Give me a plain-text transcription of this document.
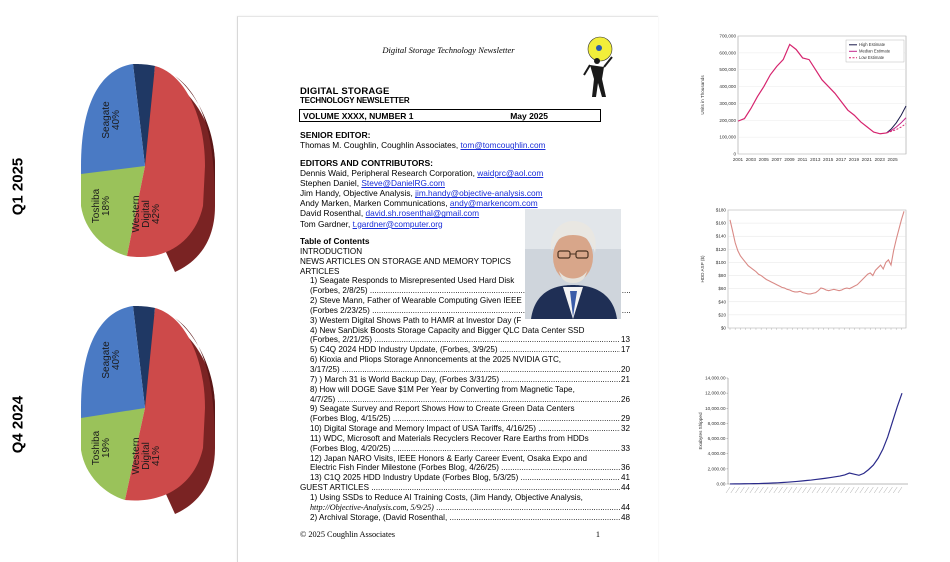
Q1 2025
Q4 2024
Seagate 40%
Toshiba 18% Western Digital 42%
Seagate 40%
Toshiba 19% Western Digital 41%
Digital Storage Technology Newsletter
DIGITAL STORAGE
TECHNOLOGY NEWSLETTER
VOLUME XXXX, NUMBER 1	May 2025
SENIOR EDITOR:
Thomas M. Coughlin, Coughlin Associates, tom@tomcoughlin.com
EDITORS AND CONTRIBUTORS:
Dennis Waid, Peripheral Research Corporation, waidprc@aol.com
Stephen Daniel, Steve@DanielRG.com
Jim Handy, Objective Analysis, jim.handy@objective-analysis.com
Andy Marken, Marken Communications, andy@markencom.com
David Rosenthal, david.sh.rosenthal@gmail.com
Tom Gardner, t.gardner@computer.org
Table of Contents
INTRODUCTION
NEWS ARTICLES ON STORAGE AND MEMORY TOPICS
ARTICLES
1) Seagate Responds to Misrepresented Used Hard Disk
(Forbes, 2/8/25) .....
2) Steve Mann, Father of Wearable Computing Given IEEE
(Forbes 2/23/25) .....
3) Western Digital Shows Path to HAMR at Investor Day (F
4) New SanDisk Boosts Storage Capacity and Bigger QLC Data Center SSD
(Forbes, 2/21/25) .....	13
5) C4Q 2024 HDD Industry Update, (Forbes, 3/9/25) .....	17
6) Kioxia and Pliops Storage Annoncements at the 2025 NVIDIA GTC,
3/17/25) .....	20
7) ) March 31 is World Backup Day, (Forbes 3/31/25) .....	21
8) How will DOGE Save $1M Per Year by Converting from Magnetic Tape,
4/7/25) .....	26
9) Seagate Survey and Report Shows How to Create Green Data Centers
(Forbes Blog, 4/15/25) .....	29
10) Digital Storage and Memory Impact of USA Tariffs, 4/16/25) .....	32
11) WDC, Microsoft and Materials Recyclers Recover Rare Earths from HDDs
(Forbes Blog, 4/20/25) .....	33
12) Japan NARO Visits, IEEE Honors & Early Career Event, Osaka Expo and
Electric Fish Finder Milestone (Forbes Blog, 4/26/25) .....	36
13) C1Q 2025 HDD Industry Update (Forbes Blog, 5/3/25) .....	41
GUEST ARTICLES .....	44
1) Using SSDs to Reduce AI Training Costs, (Jim Handy, Objective Analysis,
http://Objective-Analysis.com, 5/9/25) .....	44
2) Archival Storage, (David Rosenthal, .....	48
© 2025 Coughlin Associates	1
0
100,000
200,000
300,000
400,000
500,000
600,000
700,000
2001 2003 2005 2007 2009 2011 2013 2015 2017 2019 2021 2023 2025
Units in Thousands
High Estimate
Median Estimate
Low Estimate
$0
$20
$40
$60
$80
$100
$120
$140
$160
$180
HDD ASP ($)
0.00
2,000.00
4,000.00
6,000.00
8,000.00
10,000.00
12,000.00
14,000.00
Exabytes Shipped
